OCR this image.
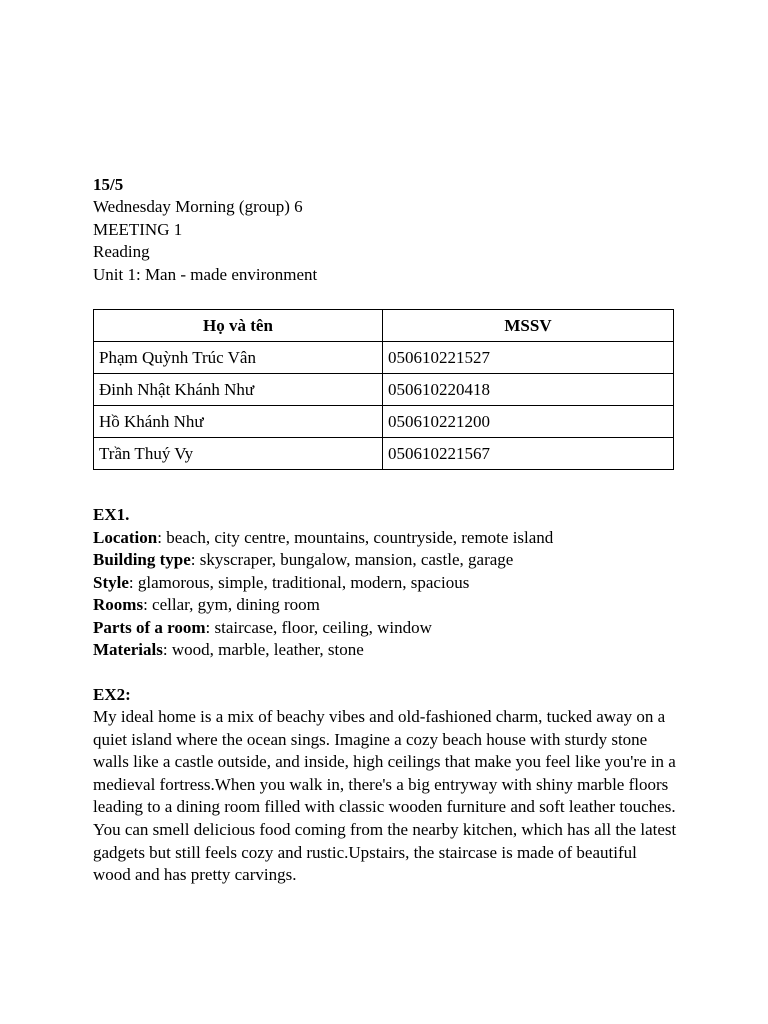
15/5
Wednesday Morning (group) 6
MEETING 1
Reading
Unit 1: Man - made environment
Họ và tên	MSSV
Phạm Quỳnh Trúc Vân	050610221527
Đinh Nhật Khánh Như	050610220418
Hồ Khánh Như	050610221200
Trần Thuý Vy	050610221567
EX1.
Location: beach, city centre, mountains, countryside, remote island
Building type: skyscraper, bungalow, mansion, castle, garage
Style: glamorous, simple, traditional, modern, spacious
Rooms: cellar, gym, dining room
Parts of a room: staircase, floor, ceiling, window
Materials: wood, marble, leather, stone
EX2:
My ideal home is a mix of beachy vibes and old-fashioned charm, tucked away on a quiet island where the ocean sings. Imagine a cozy beach house with sturdy stone walls like a castle outside, and inside, high ceilings that make you feel like you're in a medieval fortress.When you walk in, there's a big entryway with shiny marble floors leading to a dining room filled with classic wooden furniture and soft leather touches. You can smell delicious food coming from the nearby kitchen, which has all the latest gadgets but still feels cozy and rustic.Upstairs, the staircase is made of beautiful wood and has pretty carvings.
